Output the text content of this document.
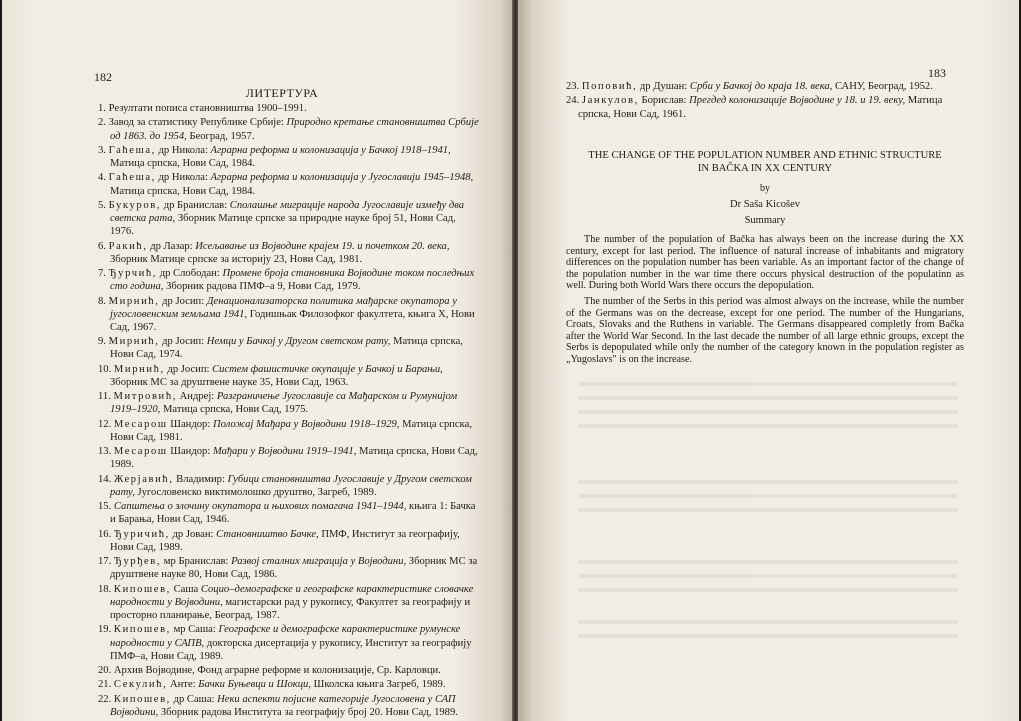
182
ЛИТЕРТУРА
1. Резултати пописа становништва 1900–1991.
2. Завод за статистику Републике Србије: Природно кретање становништва Србије од 1863. до 1954, Београд, 1957.
3. Гаћеша, др Никола: Аграрна реформа и колонизација у Бачкој 1918–1941, Матица српска, Нови Сад, 1984.
4. Гаћеша, др Никола: Аграрна реформа и колонизација у Југославији 1945–1948, Матица српска, Нови Сад, 1984.
5. Букуров, др Бранислав: Сполашње миграције народа Југославије између два светска рата, Зборник Матице српске за природне науке број 51, Нови Сад, 1976.
6. Ракић, др Лазар: Исељавање из Војводине крајем 19. и почетком 20. века, Зборник Матице српске за историју 23, Нови Сад, 1981.
7. Ђурчић, др Слободан: Промене броја становника Војводине током последњих сто година, Зборник радова ПМФ–а 9, Нови Сад, 1979.
8. Мирнић, др Јосип: Денационализаторска политика мађарске окупаторa у југословенским земљама 1941, Годишњак Филозофког факултета, књига X, Нови Сад, 1967.
9. Мирнић, др Јосип: Немци у Бачкој у Другом светском рату, Матица српска, Нови Сад, 1974.
10. Мирнић, др Јосип: Систем фашистичке окупације у Бачкој и Барањи, Зборник МС за друштвене науке 35, Нови Сад, 1963.
11. Митровић, Андреј: Разграничење Југославије са Мађарском и Румунијом 1919–1920, Матица српска, Нови Сад, 1975.
12. Месарош Шандор: Положај Мађара у Војводини 1918–1929, Матица српска, Нови Сад, 1981.
13. Месарош Шандор: Мађари у Војводини 1919–1941, Матица српска, Нови Сад, 1989.
14. Жерјавић, Владимир: Губици становништва Југославије у Другом светском рату, Југословенско виктимолошко друштво, Загреб, 1989.
15. Сапштења о злочину окупатора и њихових помагача 1941–1944, књига 1: Бачка и Барања, Нови Сад, 1946.
16. Ђуричић, др Јован: Становништво Бачке, ПМФ, Институт за географију, Нови Сад, 1989.
17. Ђурђев, мр Бранислав: Развој сталних миграција у Војводини, Зборник МС за друштвене науке 80, Нови Сад, 1986.
18. Кипошев, Саша Социо–демографске и географске карактеристике словачке народности у Војводини, магистарски рад у рукопису, Факултет за географију и просторно планирање, Београд, 1987.
19. Кипошев, мр Саша: Географске и демографске карактеристике румунске народности у САПВ, докторска дисертација у рукопису, Институт за географију ПМФ–а, Нови Сад, 1989.
20. Архив Војводине, Фонд аграрне реформе и колонизације, Ср. Карловци.
21. Секулић, Анте: Бачки Буњевци и Шокци, Школска књига Загреб, 1989.
22. Кипошев, др Саша: Неки аспекти појисне категорије Југословена у САП Војводини, Зборник радова Института за географију број 20. Нови Сад, 1989.
183
23. Поповић, др Душан: Срби у Бачкој до краја 18. века, САНУ, Београд, 1952.
24. Јанкулов, Борислав: Прегдед колонизације Војводине у 18. и 19. веку, Матица српска, Нови Сад, 1961.

THE CHANGE OF THE POPULATION NUMBER AND ETHNIC STRUCTURE
IN BAČKA IN XX CENTURY

by

Dr Saša Kicošev

Summary

The number of the population of Bačka has always been on the increase during the XX century, except for last period. The influence of natural increase of inhabitants and migratory differences on the population number has been variable. As an important factor of the change of the population number in the war time there occurs physical destruction of the populatinn as well. During both World Wars there occurs the depopulation.

The number of the Serbs in this period was almost always on the increase, while the number of the Germans was on the decrease, except for one period. The number of the Hungarians, Croats, Slovaks and the Ruthens in variable. The Germans disappeared completly from Bačka after the World War Second. In the last decade the number of all large ethnic groups, except the Serbs is depopulated while only the number of the category known in the population register as „Yugoslavs" is on the increase.
